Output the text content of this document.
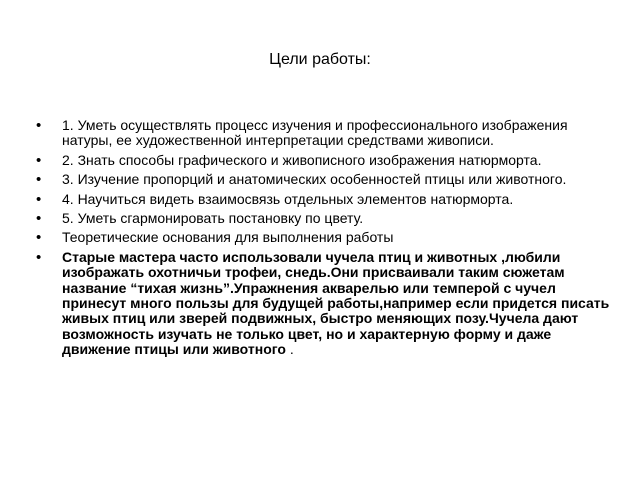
Цели работы:
• 1. Уметь осуществлять процесс изучения и профессионального изображения натуры, ее художественной интерпретации средствами живописи.
• 2. Знать способы графического и живописного изображения натюрморта.
• 3. Изучение пропорций и анатомических особенностей птицы или животного.
• 4. Научиться видеть взаимосвязь отдельных элементов натюрморта.
• 5. Уметь сгармонировать постановку по цвету.
• Теоретические основания для выполнения работы
• Старые мастера часто использовали чучела птиц и животных ,любили изображать охотничьи трофеи, снедь.Они присваивали таким сюжетам название “тихая жизнь”.Упражнения акварелью или темперой с чучел принесут много пользы для будущей работы,например если придется писать живых птиц или зверей подвижных, быстро меняющих позу.Чучела дают возможность изучать не только цвет, но и характерную форму и даже движение птицы или животного .
